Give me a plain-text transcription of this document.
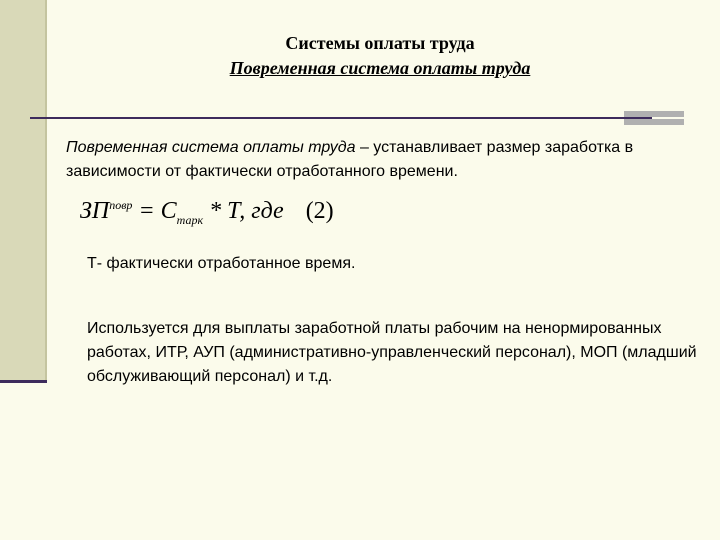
Системы оплаты труда
Повременная система оплаты труда
Повременная система оплаты труда – устанавливает размер заработка в зависимости от фактически отработанного времени.
$ЗП^{повр} = С_{тарк} * Т$, где (2)
Т- фактически отработанное время.
Используется для выплаты заработной платы рабочим на ненормированных работах, ИТР, АУП (административно-управленческий персонал), МОП (младший обслуживающий персонал) и т.д.
